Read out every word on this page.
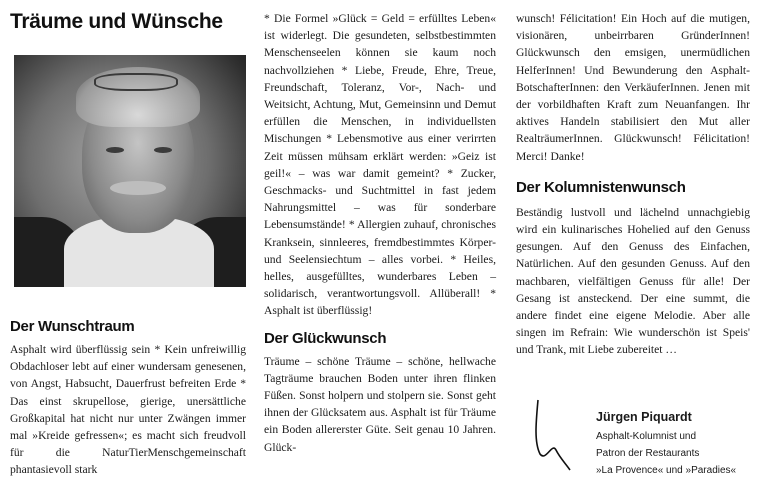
Träume und Wünsche
Der Wunschtraum

Asphalt wird überflüssig sein * Kein unfreiwillig Obdachloser lebt auf einer wundersam genesenen, von Angst, Habsucht, Dauerfrust befreiten Erde * Das einst skrupellose, gierige, unersättliche Großkapital hat nicht nur unter Zwängen immer mal »Kreide gefressen«; es macht sich freudvoll für die NaturTierMenschgemeinschaft phantasievoll stark

* Die Formel »Glück = Geld = erfülltes Leben« ist widerlegt. Die gesundeten, selbstbestimmten Menschenseelen können sie kaum noch nachvollziehen * Liebe, Freude, Ehre, Treue, Freundschaft, Toleranz, Vor-, Nach- und Weitsicht, Achtung, Mut, Gemeinsinn und Demut erfüllen die Menschen, in individuellsten Mischungen * Lebensmotive aus einer verirrten Zeit müssen mühsam erklärt werden: »Geiz ist geil!« – was war damit gemeint? * Zucker, Geschmacks- und Suchtmittel in fast jedem Nahrungsmittel – was für sonderbare Lebensumstände! * Allergien zuhauf, chronisches Kranksein, sinnleeres, fremdbestimmtes Körper- und Seelensiechtum – alles vorbei. * Heiles, helles, ausgefülltes, wunderbares Leben – solidarisch, verantwortungsvoll. Allüberall! * Asphalt ist überflüssig!

Der Glückwunsch

Träume – schöne Träume – schöne, hellwache Tagträume brauchen Boden unter ihren flinken Füßen. Sonst holpern und stolpern sie. Sonst geht ihnen der Glücksatem aus. Asphalt ist für Träume ein Boden allererster Güte. Seit genau 10 Jahren. Glück-

wunsch! Félicitation! Ein Hoch auf die mutigen, visionären, unbeirrbaren GründerInnen! Glückwunsch den emsigen, unermüdlichen HelferInnen! Und Bewunderung den Asphalt-BotschafterInnen: den VerkäuferInnen. Jenen mit der vorbildhaften Kraft zum Neuanfangen. Ihr aktives Handeln stabilisiert den Mut aller RealträumerInnen. Glückwunsch! Félicitation! Merci! Danke!

Der Kolumnistenwunsch

Beständig lustvoll und lächelnd unnachgiebig wird ein kulinarisches Hohelied auf den Genuss gesungen. Auf den Genuss des Einfachen, Natürlichen. Auf den gesunden Genuss. Auf den machbaren, vielfältigen Genuss für alle! Der Gesang ist ansteckend. Der eine summt, die andere findet eine eigene Melodie. Aber alle singen im Refrain: Wie wunderschön ist Speis' und Trank, mit Liebe zubereitet …

Jürgen Piquardt
Asphalt-Kolumnist und
Patron der Restaurants
»La Provence« und »Paradies«
